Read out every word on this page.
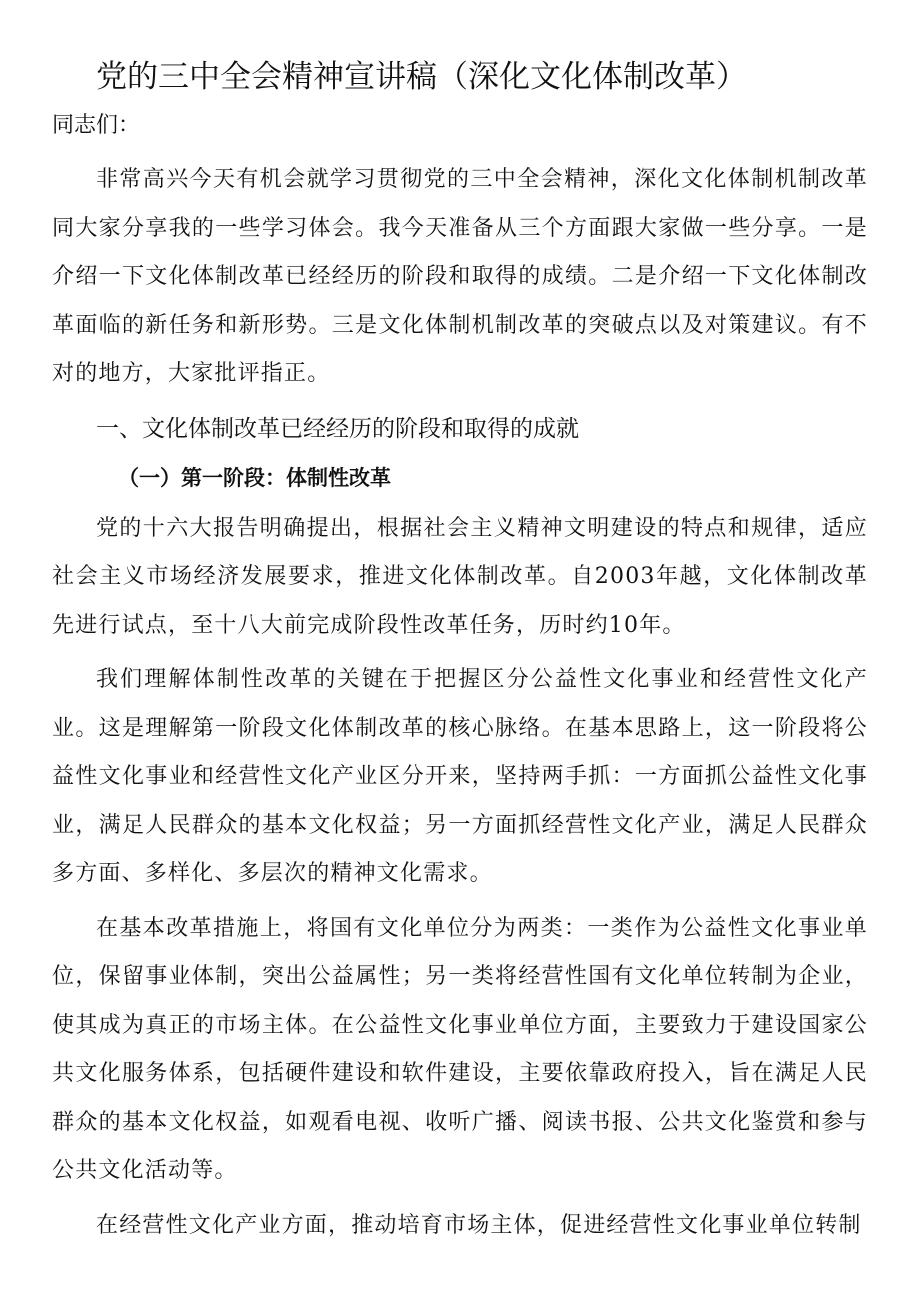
党的三中全会精神宣讲稿（深化文化体制改革）

同志们：

非常高兴今天有机会就学习贯彻党的三中全会精神，深化文化体制机制改革同大家分享我的一些学习体会。我今天准备从三个方面跟大家做一些分享。一是介绍一下文化体制改革已经经历的阶段和取得的成绩。二是介绍一下文化体制改革面临的新任务和新形势。三是文化体制机制改革的突破点以及对策建议。有不对的地方，大家批评指正。

一、文化体制改革已经经历的阶段和取得的成就
（一）第一阶段：体制性改革

党的十六大报告明确提出，根据社会主义精神文明建设的特点和规律，适应社会主义市场经济发展要求，推进文化体制改革。自2003年越，文化体制改革先进行试点，至十八大前完成阶段性改革任务，历时约10年。

我们理解体制性改革的关键在于把握区分公益性文化事业和经营性文化产业。这是理解第一阶段文化体制改革的核心脉络。在基本思路上，这一阶段将公益性文化事业和经营性文化产业区分开来，坚持两手抓：一方面抓公益性文化事业，满足人民群众的基本文化权益；另一方面抓经营性文化产业，满足人民群众多方面、多样化、多层次的精神文化需求。

在基本改革措施上，将国有文化单位分为两类：一类作为公益性文化事业单位，保留事业体制，突出公益属性；另一类将经营性国有文化单位转制为企业，使其成为真正的市场主体。在公益性文化事业单位方面，主要致力于建设国家公共文化服务体系，包括硬件建设和软件建设，主要依靠政府投入，旨在满足人民群众的基本文化权益，如观看电视、收听广播、阅读书报、公共文化鉴赏和参与公共文化活动等。

在经营性文化产业方面，推动培育市场主体，促进经营性文化事业单位转制
